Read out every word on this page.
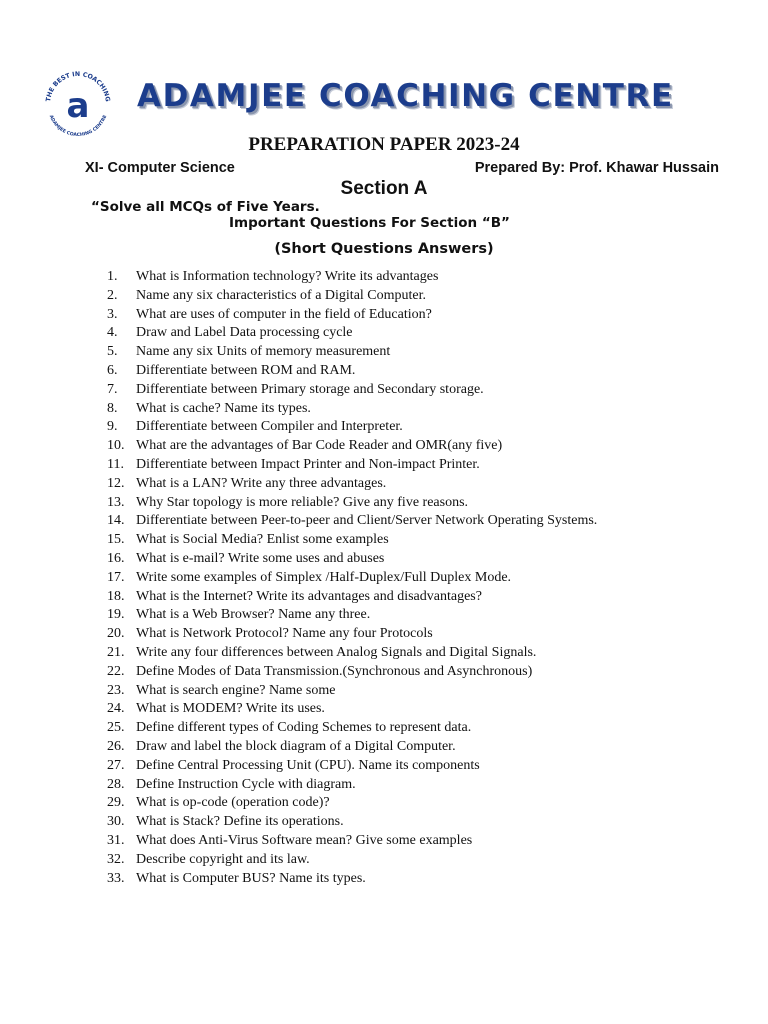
THE BEST IN COACHING
ADAMJEE COACHING CENTRE
a ADAMJEE COACHING CENTRE
PREPARATION PAPER 2023-24
XI- Computer Science	Prepared By: Prof. Khawar Hussain
Section A
“Solve all MCQs of Five Years.
Important Questions For Section “B”
(Short Questions Answers)
1.	What is Information technology? Write its advantages
2.	Name any six characteristics of a Digital Computer.
3.	What are uses of computer in the field of Education?
4.	Draw and Label Data processing cycle
5.	Name any six Units of memory measurement
6.	Differentiate between ROM and RAM.
7.	Differentiate between Primary storage and Secondary storage.
8.	What is cache? Name its types.
9.	Differentiate between Compiler and Interpreter.
10. What are the advantages of Bar Code Reader and OMR(any five)
11. Differentiate between Impact Printer and Non-impact Printer.
12. What is a LAN? Write any three advantages.
13. Why Star topology is more reliable? Give any five reasons.
14. Differentiate between Peer-to-peer and Client/Server Network Operating Systems.
15. What is Social Media? Enlist some examples
16. What is e-mail? Write some uses and abuses
17. Write some examples of Simplex /Half-Duplex/Full Duplex Mode.
18. What is the Internet? Write its advantages and disadvantages?
19. What is a Web Browser? Name any three.
20. What is Network Protocol? Name any four Protocols
21. Write any four differences between Analog Signals and Digital Signals.
22. Define Modes of Data Transmission.(Synchronous and Asynchronous)
23. What is search engine? Name some
24. What is MODEM? Write its uses.
25. Define different types of Coding Schemes to represent data.
26. Draw and label the block diagram of a Digital Computer.
27. Define Central Processing Unit (CPU). Name its components
28. Define Instruction Cycle with diagram.
29. What is op-code (operation code)?
30. What is Stack? Define its operations.
31. What does Anti-Virus Software mean? Give some examples
32. Describe copyright and its law.
33. What is Computer BUS? Name its types.
